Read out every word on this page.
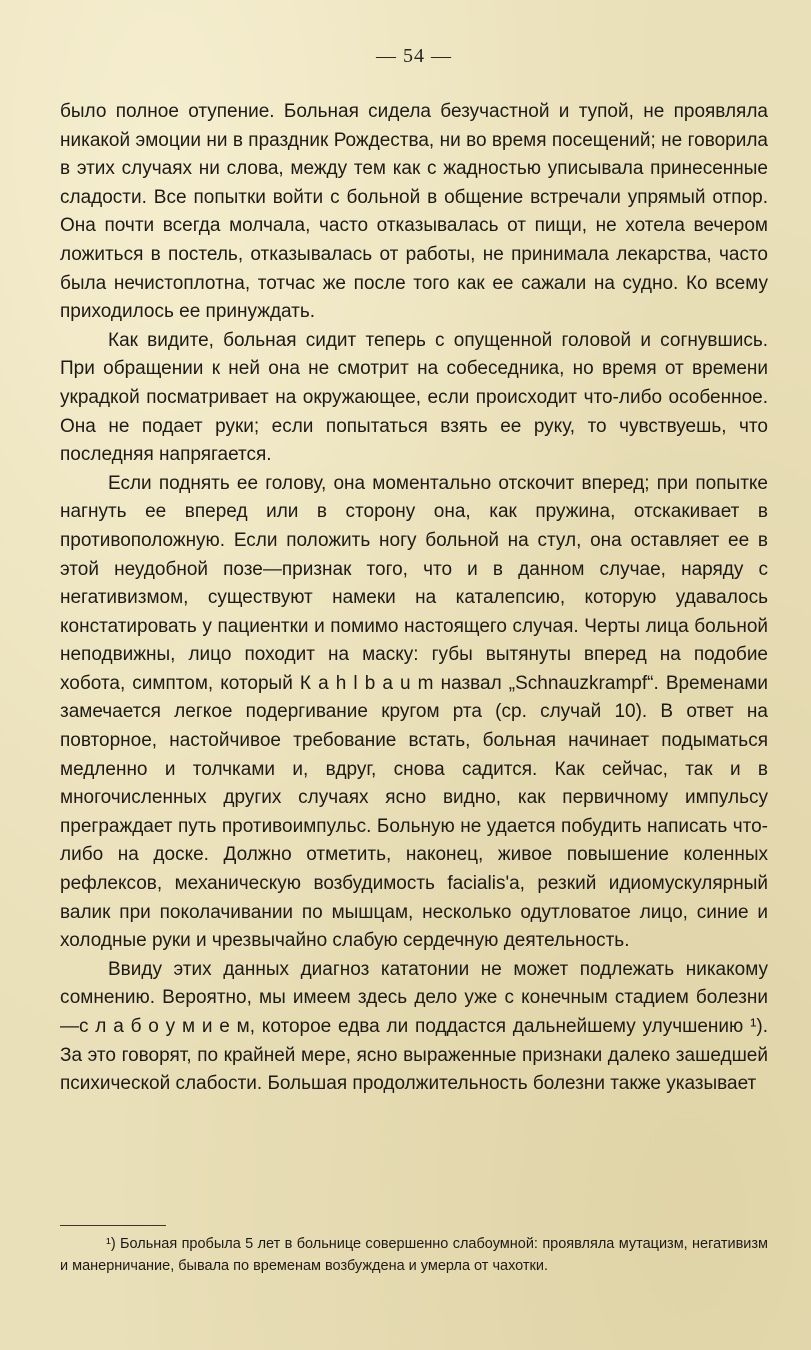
— 54 —

было полное отупение. Больная сидела безучастной и тупой, не проявляла никакой эмоции ни в праздник Рождества, ни во время посещений; не говорила в этих случаях ни слова, между тем как с жадностью уписывала принесенные сладости. Все попытки войти с больной в общение встречали упрямый отпор. Она почти всегда молчала, часто отказывалась от пищи, не хотела вечером ложиться в постель, отказывалась от работы, не принимала лекарства, часто была нечистоплотна, тотчас же после того как ее сажали на судно. Ко всему приходилось ее принуждать.

Как видите, больная сидит теперь с опущенной головой и согнувшись. При обращении к ней она не смотрит на собеседника, но время от времени украдкой посматривает на окружающее, если происходит что-либо особенное. Она не подает руки; если попытаться взять ее руку, то чувствуешь, что последняя напрягается.

Если поднять ее голову, она моментально отскочит вперед; при попытке нагнуть ее вперед или в сторону она, как пружина, отскакивает в противоположную. Если положить ногу больной на стул, она оставляет ее в этой неудобной позе—признак того, что и в данном случае, наряду с негативизмом, существуют намеки на каталепсию, которую удавалось констатировать у пациентки и помимо настоящего случая. Черты лица больной неподвижны, лицо походит на маску: губы вытянуты вперед на подобие хобота, симптом, который К a h l b a u m назвал „Schnauzkrampf“. Временами замечается легкое подергивание кругом рта (ср. случай 10). В ответ на повторное, настойчивое требование встать, больная начинает подыматься медленно и толчками и, вдруг, снова садится. Как сейчас, так и в многочисленных других случаях ясно видно, как первичному импульсу преграждает путь противоимпульс. Больную не удается побудить написать что-либо на доске. Должно отметить, наконец, живое повышение коленных рефлексов, механическую возбудимость facialis'a, резкий идиомускулярный валик при поколачивании по мышцам, несколько одутловатое лицо, синие и холодные руки и чрезвычайно слабую сердечную деятельность.

Ввиду этих данных диагноз кататонии не может подлежать никакому сомнению. Вероятно, мы имеем здесь дело уже с конечным стадием болезни—с л а б о у м и е м, которое едва ли поддастся дальнейшему улучшению ¹). За это говорят, по крайней мере, ясно выраженные признаки далеко зашедшей психической слабости. Большая продолжительность болезни также указывает

¹) Больная пробыла 5 лет в больнице совершенно слабоумной: проявляла мутацизм, негативизм и манерничание, бывала по временам возбуждена и умерла от чахотки.
